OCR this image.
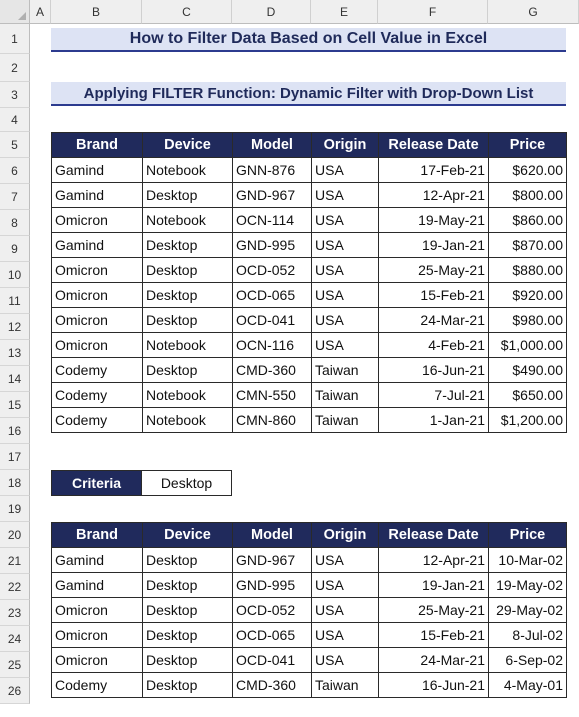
A	B	C	D	E	F	G
1
2
3
4
5
6
7
8
9
10
11
12
13
14
15
16
17
18
19
20
21
22
23
24
25
26
How to Filter Data Based on Cell Value in Excel
Applying FILTER Function: Dynamic Filter with Drop-Down List
Brand	Device	Model	Origin	Release Date	Price
Gamind	Notebook	GNN-876	USA	17-Feb-21	$620.00
Gamind	Desktop	GND-967	USA	12-Apr-21	$800.00
Omicron	Notebook	OCN-114	USA	19-May-21	$860.00
Gamind	Desktop	GND-995	USA	19-Jan-21	$870.00
Omicron	Desktop	OCD-052	USA	25-May-21	$880.00
Omicron	Desktop	OCD-065	USA	15-Feb-21	$920.00
Omicron	Desktop	OCD-041	USA	24-Mar-21	$980.00
Omicron	Notebook	OCN-116	USA	4-Feb-21	$1,000.00
Codemy	Desktop	CMD-360	Taiwan	16-Jun-21	$490.00
Codemy	Notebook	CMN-550	Taiwan	7-Jul-21	$650.00
Codemy	Notebook	CMN-860	Taiwan	1-Jan-21	$1,200.00
Criteria	Desktop
Brand	Device	Model	Origin	Release Date	Price
Gamind	Desktop	GND-967	USA	12-Apr-21	10-Mar-02
Gamind	Desktop	GND-995	USA	19-Jan-21	19-May-02
Omicron	Desktop	OCD-052	USA	25-May-21	29-May-02
Omicron	Desktop	OCD-065	USA	15-Feb-21	8-Jul-02
Omicron	Desktop	OCD-041	USA	24-Mar-21	6-Sep-02
Codemy	Desktop	CMD-360	Taiwan	16-Jun-21	4-May-01
